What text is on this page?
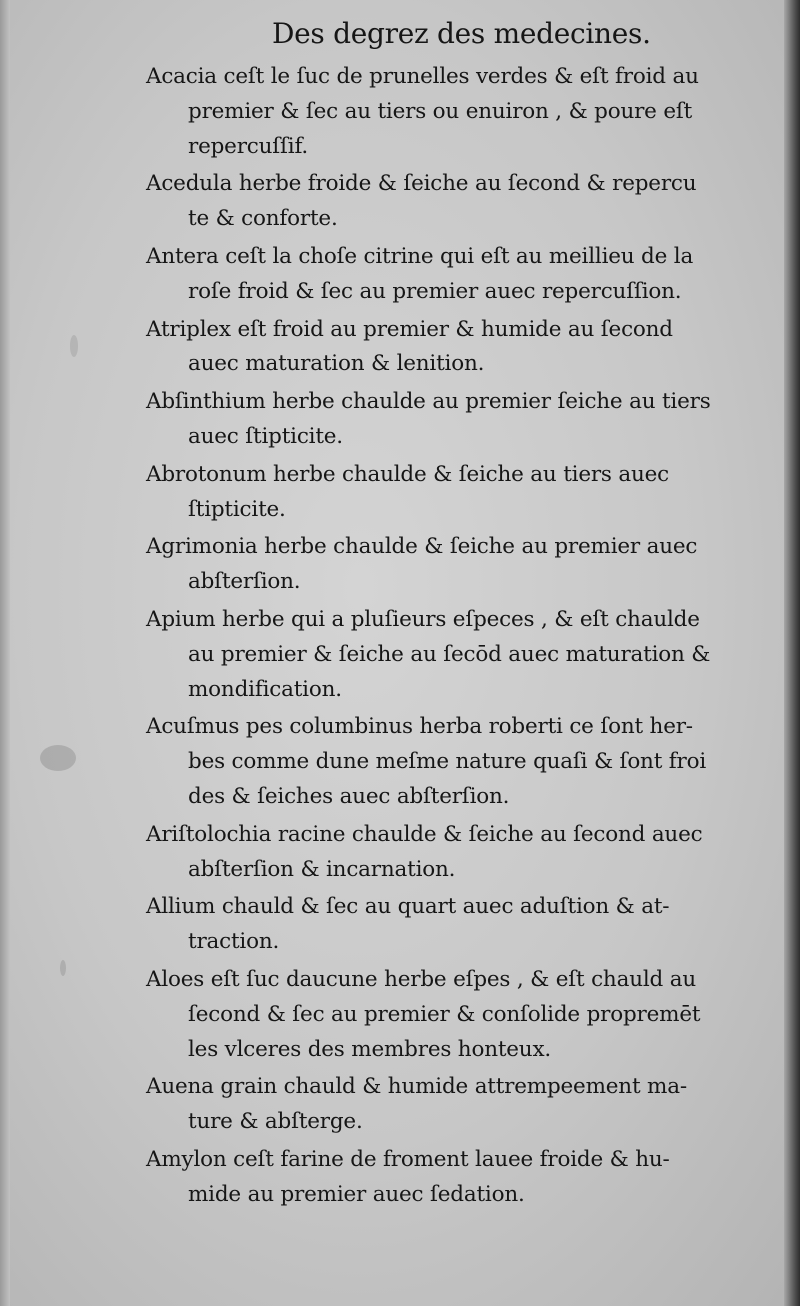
Des degrez des medecines.

Acacia ceſt le ſuc de prunelles verdes & eſt froid au

premier & ſec au tiers ou enuiron , & poure eſt

repercuſſif.

Acedula herbe froide & ſeiche au ſecond & repercu

te & conforte.

Antera ceſt la choſe citrine qui eſt au meillieu de la

roſe froid & ſec au premier auec repercuſſion.

Atriplex eſt froid au premier & humide au ſecond

auec maturation & lenition.

Abſinthium herbe chaulde au premier ſeiche au tiers

auec ſtipticite.

Abrotonum herbe chaulde & ſeiche au tiers auec

ſtipticite.

Agrimonia herbe chaulde & ſeiche au premier auec

abſterſion.

Apium herbe qui a pluſieurs eſpeces , & eſt chaulde

au premier & ſeiche au ſecōd auec maturation &

mondification.

Acuſmus pes columbinus herba roberti ce ſont her-

bes comme dune meſme nature quaſi & ſont froi

des & ſeiches auec abſterſion.

Ariſtolochia racine chaulde & ſeiche au ſecond auec

abſterſion & incarnation.

Allium chauld & ſec au quart auec aduſtion & at-

traction.

Aloes eſt ſuc daucune herbe eſpes , & eſt chauld au

ſecond & ſec au premier & conſolide propremēt

les vlceres des membres honteux.

Auena grain chauld & humide attrempeement ma-

ture & abſterge.

Amylon ceſt farine de froment lauee froide & hu-

mide au premier auec ſedation.
